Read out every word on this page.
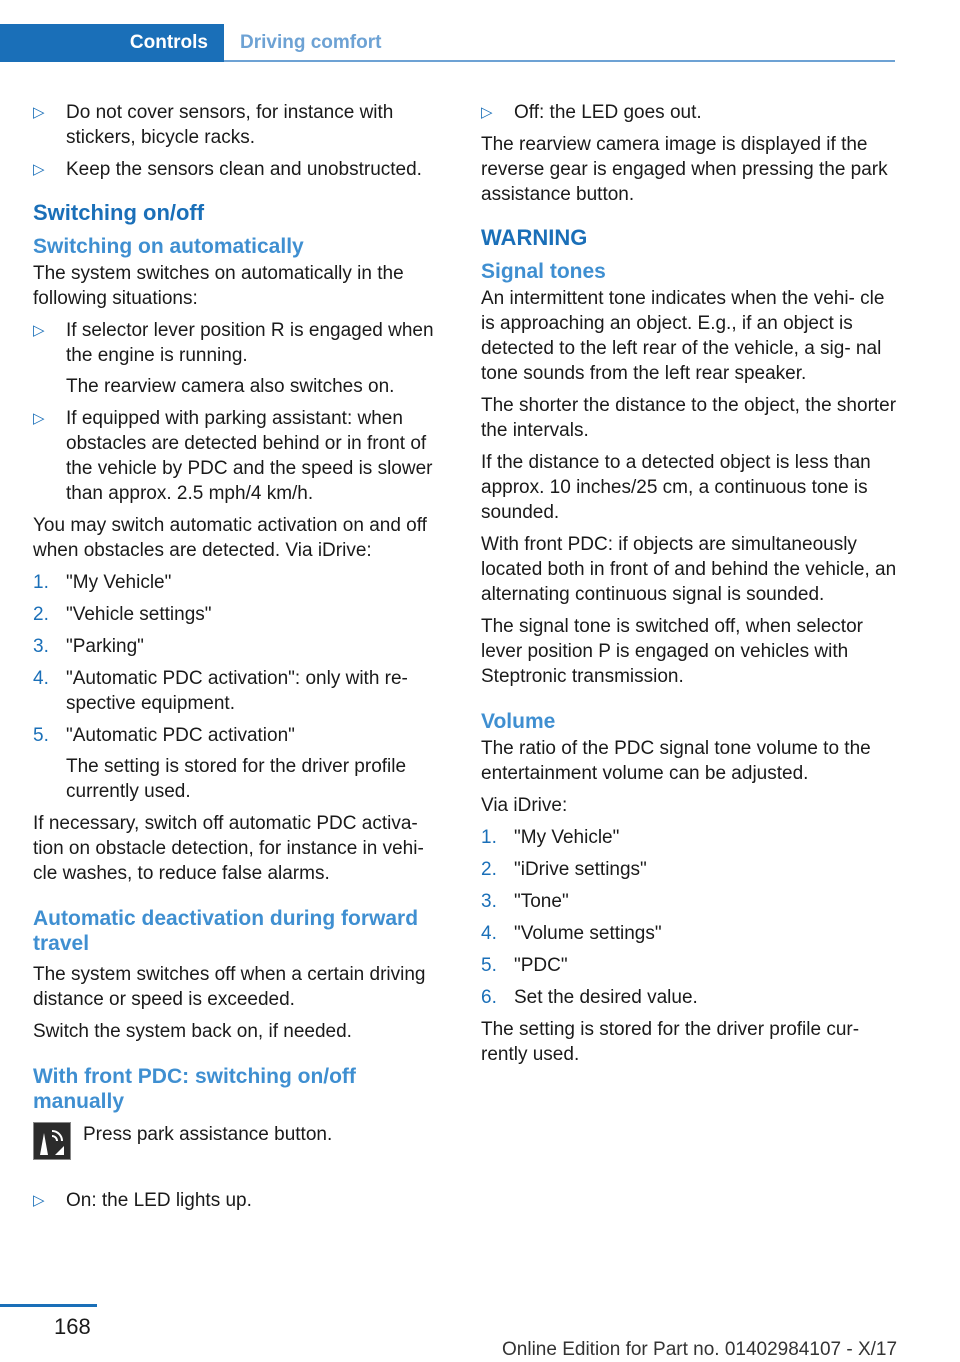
Controls	Driving comfort
▷ Do not cover sensors, for instance with stickers, bicycle racks.
▷ Keep the sensors clean and unobstructed.
Switching on/off
Switching on automatically

The system switches on automatically in the following situations:

▷ If selector lever position R is engaged when the engine is running.
The rearview camera also switches on.
▷ If equipped with parking assistant: when obstacles are detected behind or in front of the vehicle by PDC and the speed is slower than approx. 2.5 mph/4 km/h.

You may switch automatic activation on and off when obstacles are detected. Via iDrive:

1. "My Vehicle"
2. "Vehicle settings"
3. "Parking"
4. "Automatic PDC activation": only with re‐ spective equipment.
5. "Automatic PDC activation"
The setting is stored for the driver profile currently used.

If necessary, switch off automatic PDC activa‐ tion on obstacle detection, for instance in vehi‐ cle washes, to reduce false alarms.

Automatic deactivation during forward travel

The system switches off when a certain driving distance or speed is exceeded.

Switch the system back on, if needed.

With front PDC: switching on/off manually
Press park assistance button.
▷ On: the LED lights up.
▷ Off: the LED goes out.

The rearview camera image is displayed if the reverse gear is engaged when pressing the park assistance button.

WARNING
Signal tones

An intermittent tone indicates when the vehi‐ cle is approaching an object. E.g., if an object is detected to the left rear of the vehicle, a sig‐ nal tone sounds from the left rear speaker.

The shorter the distance to the object, the shorter the intervals.

If the distance to a detected object is less than approx. 10 inches/25 cm, a continuous tone is sounded.

With front PDC: if objects are simultaneously located both in front of and behind the vehicle, an alternating continuous signal is sounded.

The signal tone is switched off, when selector lever position P is engaged on vehicles with Steptronic transmission.

Volume

The ratio of the PDC signal tone volume to the entertainment volume can be adjusted.

Via iDrive:

1. "My Vehicle"
2. "iDrive settings"
3. "Tone"
4. "Volume settings"
5. "PDC"
6. Set the desired value.

The setting is stored for the driver profile cur‐ rently used.

168
Online Edition for Part no. 01402984107 - X/17
